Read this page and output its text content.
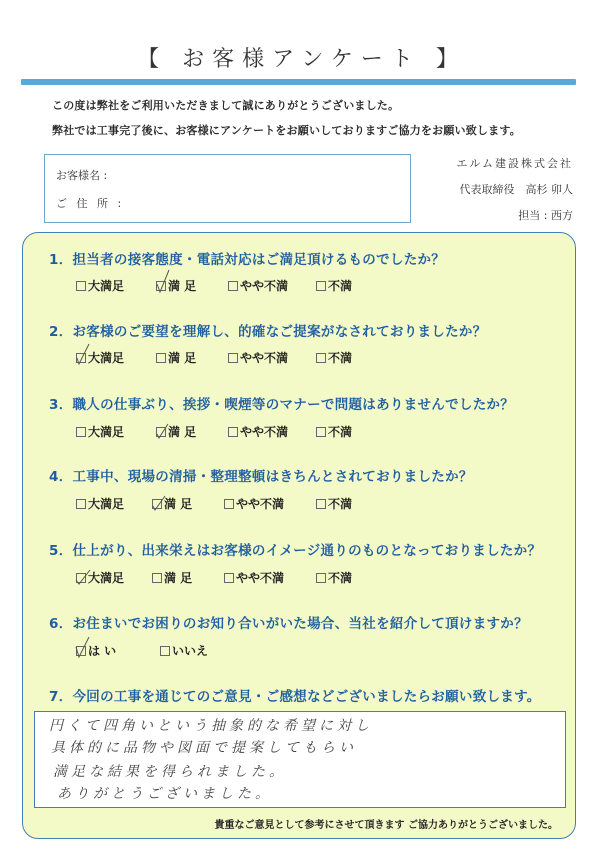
【 お客様アンケート 】
この度は弊社をご利用いただきまして誠にありがとうございました。
弊社では工事完了後に、お客様にアンケートをお願いしておりますご協力をお願い致します。
お客様名 :
ご 住 所 :
エルム建設株式会社
代表取締役　高杉 卯人
担当 : 西方
1．担当者の接客態度・電話対応はご満足頂けるものでしたか？
大満足	満 足	やや不満	不満
2．お客様のご要望を理解し、的確なご提案がなされておりましたか？
大満足	満 足	やや不満	不満
3．職人の仕事ぶり、挨拶・喫煙等のマナーで問題はありませんでしたか？
大満足	満 足	やや不満	不満
4．工事中、現場の清掃・整理整頓はきちんとされておりましたか？
大満足	満 足	やや不満	不満
5．仕上がり、出来栄えはお客様のイメージ通りのものとなっておりましたか？
大満足	満 足	やや不満	不満
6．お住まいでお困りのお知り合いがいた場合、当社を紹介して頂けますか？
は い	いいえ
7．今回の工事を通じてのご意見・ご感想などございましたらお願い致します。
円くて四角いという抽象的な希望に対し
具体的に品物や図面で提案してもらい
満足な結果を得られました。
ありがとうございました。
貴重なご意見として参考にさせて頂きます ご協力ありがとうございました。
